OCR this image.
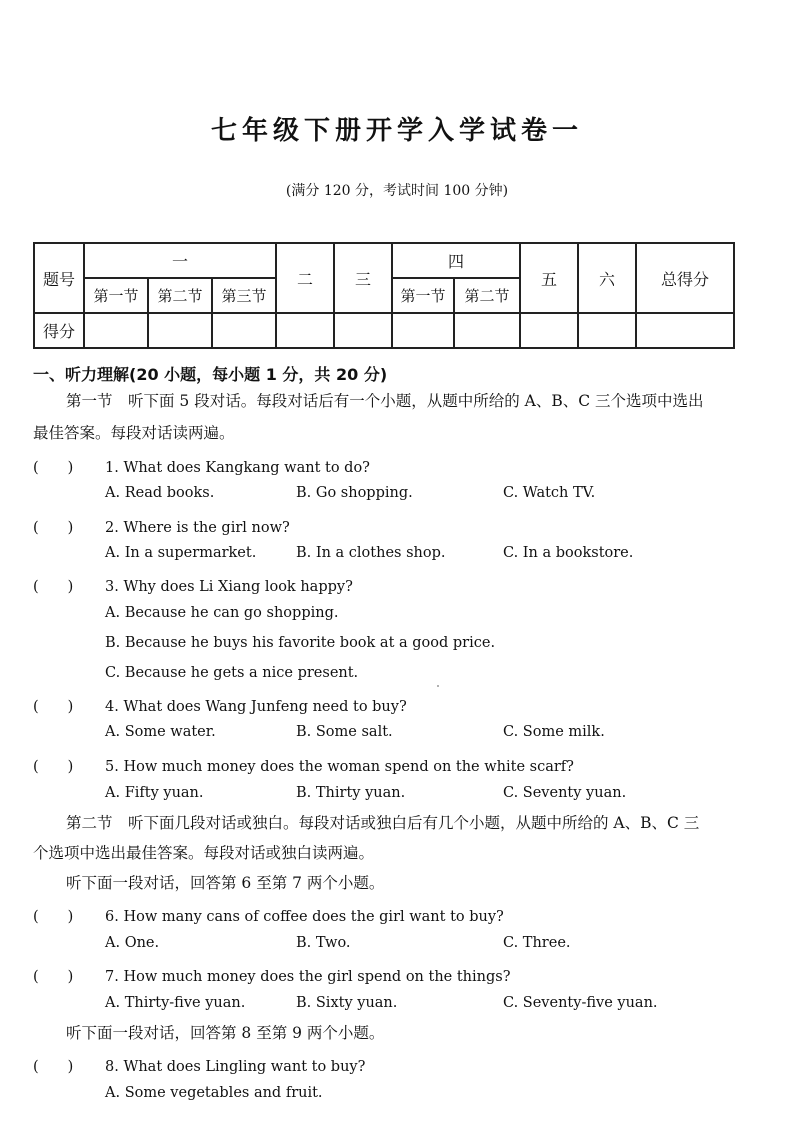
七年级下册开学入学试卷一
(满分 120 分，考试时间 100 分钟)
题号	一			二	三	四		五	六	总得分
	第一节	第二节	第三节			第一节	第二节			
得分										
一、听力理解(20 小题，每小题 1 分，共 20 分)
第一节　听下面 5 段对话。每段对话后有一个小题，从题中所给的 A、B、C 三个选项中选出
最佳答案。每段对话读两遍。
(　　) 1. What does Kangkang want to do?
A. Read books.	B. Go shopping.	C. Watch TV.
(　　) 2. Where is the girl now?
A. In a supermarket.	B. In a clothes shop.	C. In a bookstore.
(　　) 3. Why does Li Xiang look happy?
A. Because he can go shopping.
B. Because he buys his favorite book at a good price.
C. Because he gets a nice present.
(　　) 4. What does Wang Junfeng need to buy?
A. Some water.	B. Some salt.	C. Some milk.
(　　) 5. How much money does the woman spend on the white scarf?
A. Fifty yuan.	B. Thirty yuan.	C. Seventy yuan.
第二节　听下面几段对话或独白。每段对话或独白后有几个小题，从题中所给的 A、B、C 三
个选项中选出最佳答案。每段对话或独白读两遍。
听下面一段对话，回答第 6 至第 7 两个小题。
(　　) 6. How many cans of coffee does the girl want to buy?
A. One.	B. Two.	C. Three.
(　　) 7. How much money does the girl spend on the things?
A. Thirty-five yuan.	B. Sixty yuan.	C. Seventy-five yuan.
听下面一段对话，回答第 8 至第 9 两个小题。
(　　) 8. What does Lingling want to buy?
A. Some vegetables and fruit.
